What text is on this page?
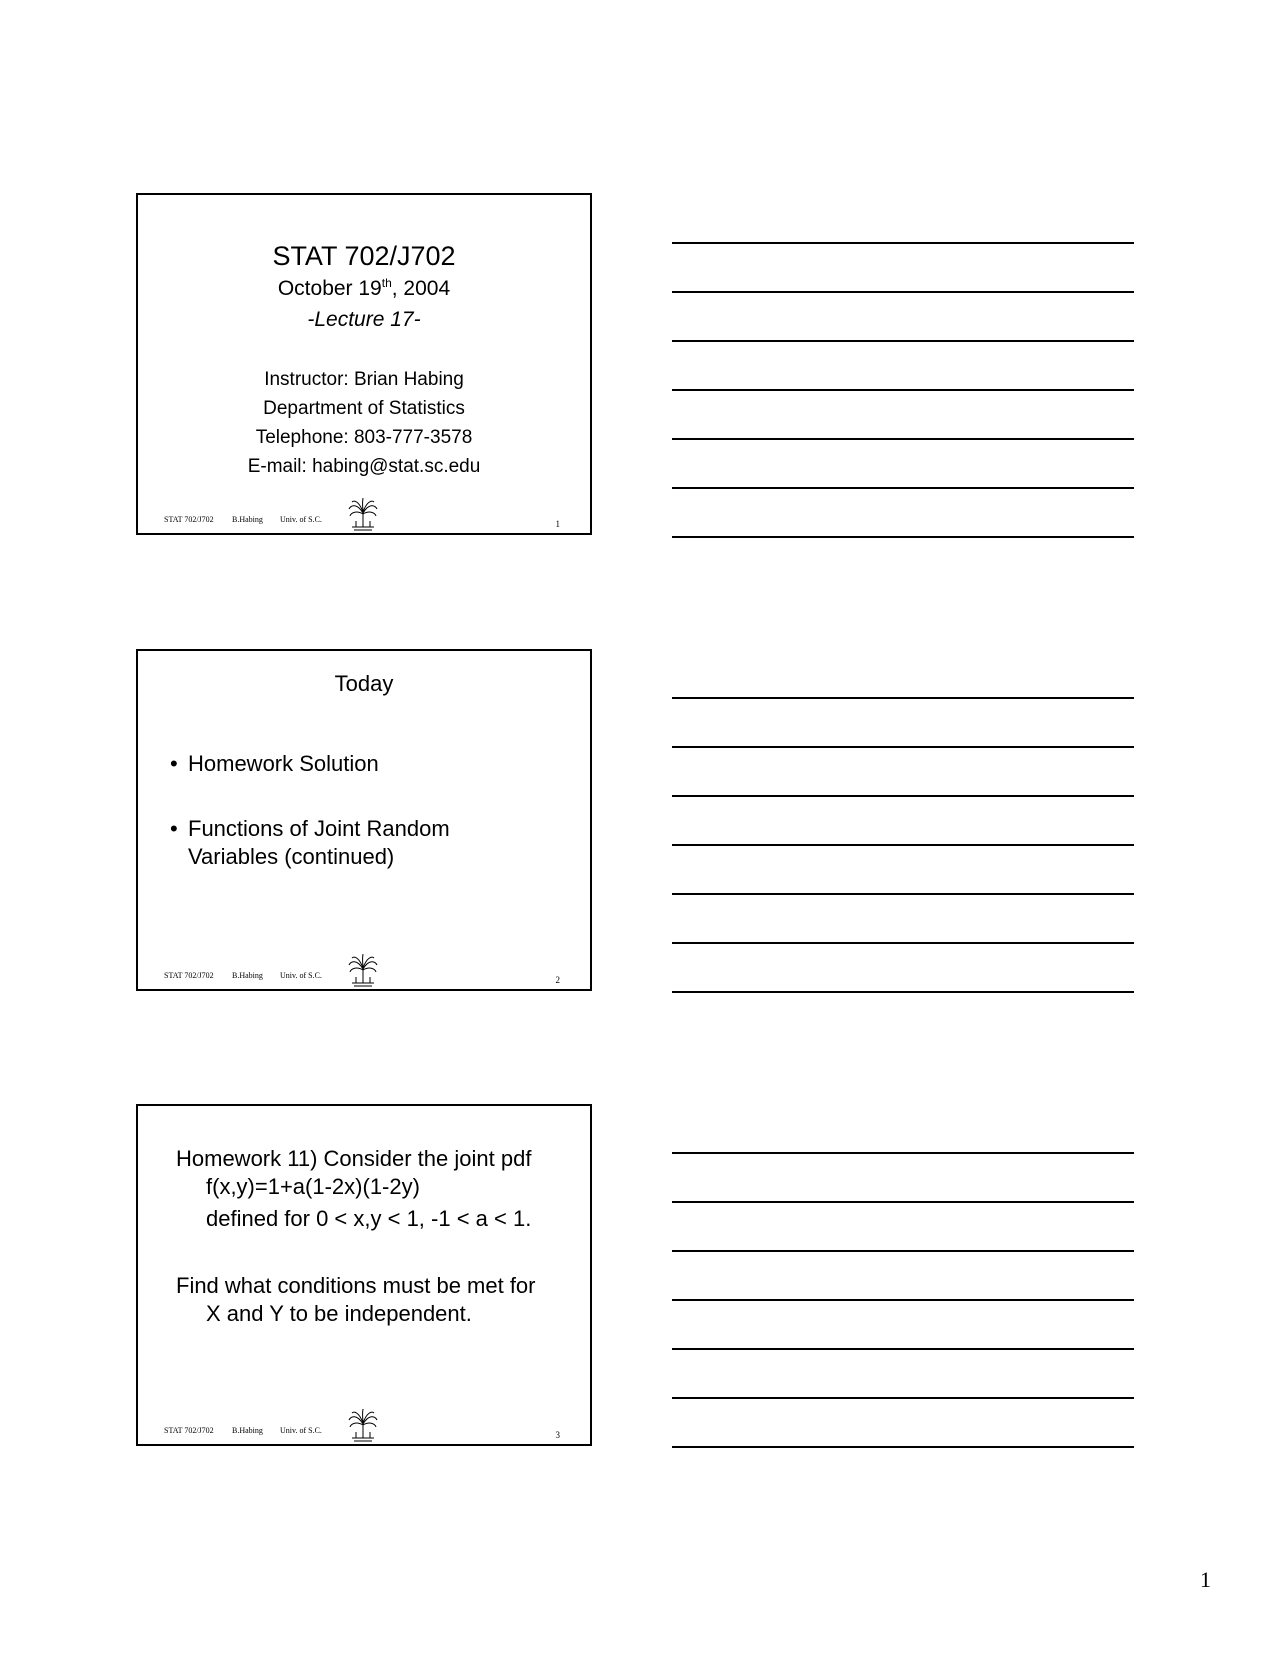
STAT 702/J702
October 19th, 2004
-Lecture 17-
Instructor: Brian Habing
Department of Statistics
Telephone: 803-777-3578
E-mail: habing@stat.sc.edu
STAT 702/J702 B.Habing Univ. of S.C.	1
Today
• Homework Solution
• Functions of Joint Random
Variables (continued)
STAT 702/J702 B.Habing Univ. of S.C.	2
Homework 11) Consider the joint pdf
f(x,y)=1+a(1-2x)(1-2y)
defined for 0 < x,y < 1, -1 < a < 1.
Find what conditions must be met for
X and Y to be independent.
STAT 702/J702 B.Habing Univ. of S.C.	3
1
